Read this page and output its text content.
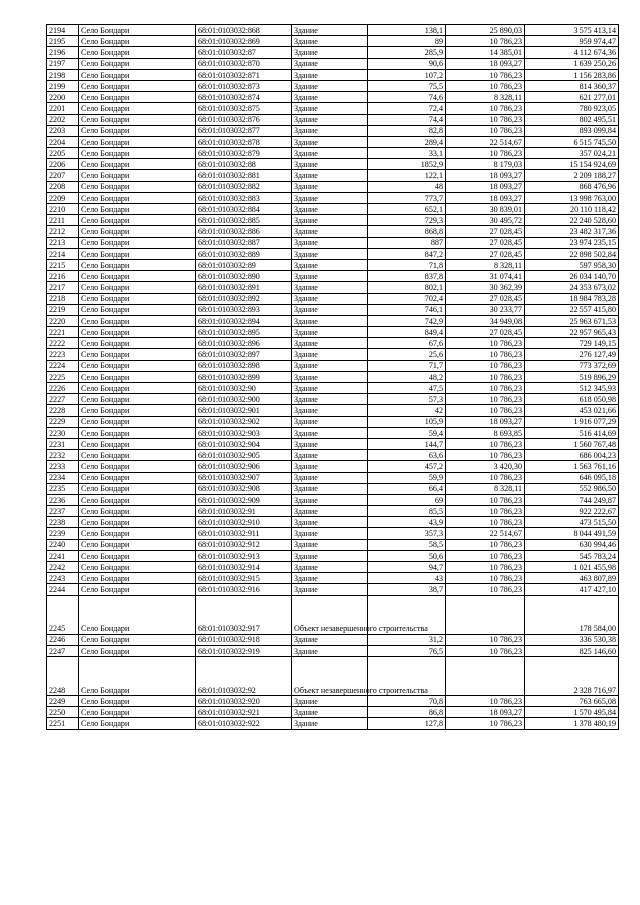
2194	Село Бондари	68:01:0103032:868	Здание	138,1	25 890,03	3 575 413,14
2195	Село Бондари	68:01:0103032:869	Здание	89	10 786,23	959 974,47
2196	Село Бондари	68:01:0103032:87	Здание	285,9	14 385,01	4 112 674,36
2197	Село Бондари	68:01:0103032:870	Здание	90,6	18 093,27	1 639 250,26
2198	Село Бондари	68:01:0103032:871	Здание	107,2	10 786,23	1 156 283,86
2199	Село Бондари	68:01:0103032:873	Здание	75,5	10 786,23	814 360,37
2200	Село Бондари	68:01:0103032:874	Здание	74,6	8 328,11	621 277,01
2201	Село Бондари	68:01:0103032:875	Здание	72,4	10 786,23	780 923,05
2202	Село Бондари	68:01:0103032:876	Здание	74,4	10 786,23	802 495,51
2203	Село Бондари	68:01:0103032:877	Здание	82,8	10 786,23	893 099,84
2204	Село Бондари	68:01:0103032:878	Здание	289,4	22 514,67	6 515 745,50
2205	Село Бондари	68:01:0103032:879	Здание	33,1	10 786,23	357 024,21
2206	Село Бондари	68:01:0103032:88	Здание	1852,9	8 179,03	15 154 924,69
2207	Село Бондари	68:01:0103032:881	Здание	122,1	18 093,27	2 209 188,27
2208	Село Бондари	68:01:0103032:882	Здание	48	18 093,27	868 476,96
2209	Село Бондари	68:01:0103032:883	Здание	773,7	18 093,27	13 998 763,00
2210	Село Бондари	68:01:0103032:884	Здание	652,1	30 839,01	20 110 118,42
2211	Село Бондари	68:01:0103032:885	Здание	729,3	30 495,72	22 240 528,60
2212	Село Бондари	68:01:0103032:886	Здание	868,8	27 028,45	23 482 317,36
2213	Село Бондари	68:01:0103032:887	Здание	887	27 028,45	23 974 235,15
2214	Село Бондари	68:01:0103032:889	Здание	847,2	27 028,45	22 898 502,84
2215	Село Бондари	68:01:0103032:89	Здание	71,8	8 328,11	597 958,30
2216	Село Бондари	68:01:0103032:890	Здание	837,8	31 074,41	26 034 140,70
2217	Село Бондари	68:01:0103032:891	Здание	802,1	30 362,39	24 353 673,02
2218	Село Бондари	68:01:0103032:892	Здание	702,4	27 028,45	18 984 783,28
2219	Село Бондари	68:01:0103032:893	Здание	746,1	30 233,77	22 557 415,80
2220	Село Бондари	68:01:0103032:894	Здание	742,9	34 949,08	25 963 671,53
2221	Село Бондари	68:01:0103032:895	Здание	849,4	27 028,45	22 957 965,43
2222	Село Бондари	68:01:0103032:896	Здание	67,6	10 786,23	729 149,15
2223	Село Бондари	68:01:0103032:897	Здание	25,6	10 786,23	276 127,49
2224	Село Бондари	68:01:0103032:898	Здание	71,7	10 786,23	773 372,69
2225	Село Бондари	68:01:0103032:899	Здание	48,2	10 786,23	519 896,29
2226	Село Бондари	68:01:0103032:90	Здание	47,5	10 786,23	512 345,93
2227	Село Бондари	68:01:0103032:900	Здание	57,3	10 786,23	618 050,98
2228	Село Бондари	68:01:0103032:901	Здание	42	10 786,23	453 021,66
2229	Село Бондари	68:01:0103032:902	Здание	105,9	18 093,27	1 916 077,29
2230	Село Бондари	68:01:0103032:903	Здание	59,4	8 693,85	516 414,69
2231	Село Бондари	68:01:0103032:904	Здание	144,7	10 786,23	1 560 767,48
2232	Село Бондари	68:01:0103032:905	Здание	63,6	10 786,23	686 004,23
2233	Село Бондари	68:01:0103032:906	Здание	457,2	3 420,30	1 563 761,16
2234	Село Бондари	68:01:0103032:907	Здание	59,9	10 786,23	646 095,18
2235	Село Бондари	68:01:0103032:908	Здание	66,4	8 328,11	552 986,50
2236	Село Бондари	68:01:0103032:909	Здание	69	10 786,23	744 249,87
2237	Село Бондари	68:01:0103032:91	Здание	85,5	10 786,23	922 222,67
2238	Село Бондари	68:01:0103032:910	Здание	43,9	10 786,23	473 515,50
2239	Село Бондари	68:01:0103032:911	Здание	357,3	22 514,67	8 044 491,59
2240	Село Бондари	68:01:0103032:912	Здание	58,5	10 786,23	630 994,46
2241	Село Бондари	68:01:0103032:913	Здание	50,6	10 786,23	545 783,24
2242	Село Бондари	68:01:0103032:914	Здание	94,7	10 786,23	1 021 455,98
2243	Село Бондари	68:01:0103032:915	Здание	43	10 786,23	463 807,89
2244	Село Бондари	68:01:0103032:916	Здание	38,7	10 786,23	417 427,10
2245	Село Бондари	68:01:0103032:917	Объект незавершенного строительства			178 584,00
2246	Село Бондари	68:01:0103032:918	Здание	31,2	10 786,23	336 530,38
2247	Село Бондари	68:01:0103032:919	Здание	76,5	10 786,23	825 146,60
2248	Село Бондари	68:01:0103032:92	Объект незавершенного строительства			2 328 716,97
2249	Село Бондари	68:01:0103032:920	Здание	70,8	10 786,23	763 665,08
2250	Село Бондари	68:01:0103032:921	Здание	86,8	18 093,27	1 570 495,84
2251	Село Бондари	68:01:0103032:922	Здание	127,8	10 786,23	1 378 480,19
